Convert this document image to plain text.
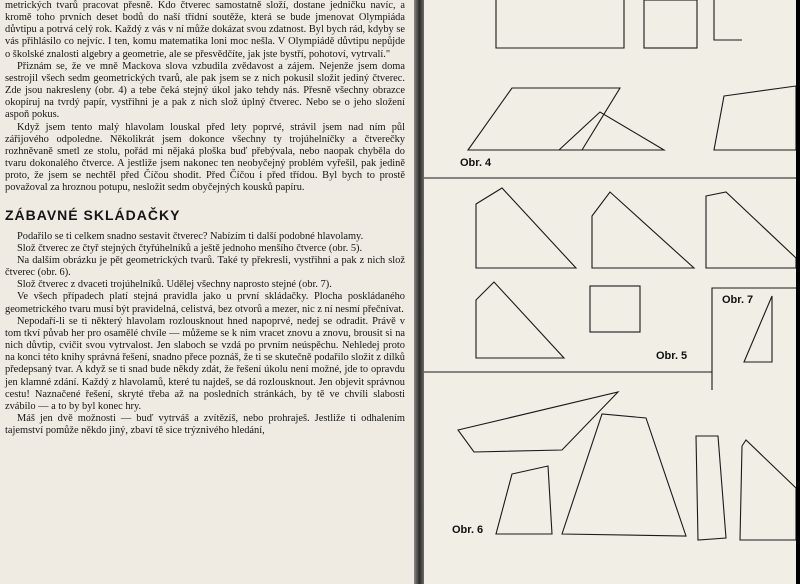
metrických tvarů pracovat přesně. Kdo čtverec samostatně složí, dostane jedničku navíc, a kromě toho prvních deset bodů do naší třídní soutěže, která se bude jmenovat Olympiáda důvtipu a potrvá celý rok. Každý z vás v ní může dokázat svou zdatnost. Byl bych rád, kdyby se vás přihlásilo co nejvíc. I ten, komu matematika loni moc nešla. V Olympiádě důvtipu nepůjde o školské znalosti algebry a geometrie, ale se přesvědčíte, jak jste bystří, pohotoví, vytrvalí."

Přiznám se, že ve mně Mackova slova vzbudila zvědavost a zájem. Nejenže jsem doma sestrojil všech sedm geometrických tvarů, ale pak jsem se z nich pokusil složit jediný čtverec. Zde jsou nakresleny (obr. 4) a tebe čeká stejný úkol jako tehdy nás. Přesně všechny obrazce okopíruj na tvrdý papír, vystřihni je a pak z nich slož úplný čtverec. Nebo se o jeho složení aspoň pokus.

Když jsem tento malý hlavolam louskal před lety poprvé, strávil jsem nad ním půl zářijového odpoledne. Několikrát jsem dokonce všechny ty trojúhelníčky a čtverečky rozhněvaně smetl ze stolu, pořád mi nějaká ploška buď přebývala, nebo naopak chyběla do tvaru dokonalého čtverce. A jestliže jsem nakonec ten neobyčejný problém vyřešil, pak jedině proto, že jsem se nechtěl před Číčou shodit. Před Číčou i před třídou. Byl bych to prostě považoval za hroznou potupu, nesložit sedm obyčejných kousků papíru.

ZÁBAVNÉ SKLÁDAČKY

Podařilo se ti celkem snadno sestavit čtverec? Nabízím ti další podobné hlavolamy.

Slož čtverec ze čtyř stejných čtyřúhelníků a ještě jednoho menšího čtverce (obr. 5).

Na dalším obrázku je pět geometrických tvarů. Také ty překresli, vystřihni a pak z nich slož čtverec (obr. 6).

Slož čtverec z dvaceti trojúhelníků. Udělej všechny naprosto stejné (obr. 7).

Ve všech případech platí stejná pravidla jako u první skládačky. Plocha poskládaného geometrického tvaru musí být pravidelná, celistvá, bez otvorů a mezer, nic z ní nesmí přečnívat.

Nepodaří-li se ti některý hlavolam rozlousknout hned napoprvé, nedej se odradit. Právě v tom tkví půvab her pro osamělé chvíle — můžeme se k nim vracet znovu a znovu, brousit si na nich důvtip, cvičit svou vytrvalost. Jen slaboch se vzdá po prvním neúspěchu. Nehledej proto na konci této knihy správná řešení, snadno přece poznáš, že ti se skutečně podařilo složit z dílků předepsaný tvar. A když se ti snad bude někdy zdát, že řešení úkolu není možné, jde to opravdu jen klamné zdání. Každý z hlavolamů, které tu najdeš, se dá rozlousknout. Jen objevit správnou cestu! Naznačené řešení, skryté třeba až na posledních stránkách, by tě ve chvíli slabosti zvábilo — a to by byl konec hry.

Máš jen dvě možnosti — buď vytrváš a zvítězíš, nebo prohraješ. Jestliže ti odhalením tajemství pomůže někdo jiný, zbaví tě sice trýznivého hledání,

Obr. 4
Obr. 5
Obr. 7
Obr. 6
